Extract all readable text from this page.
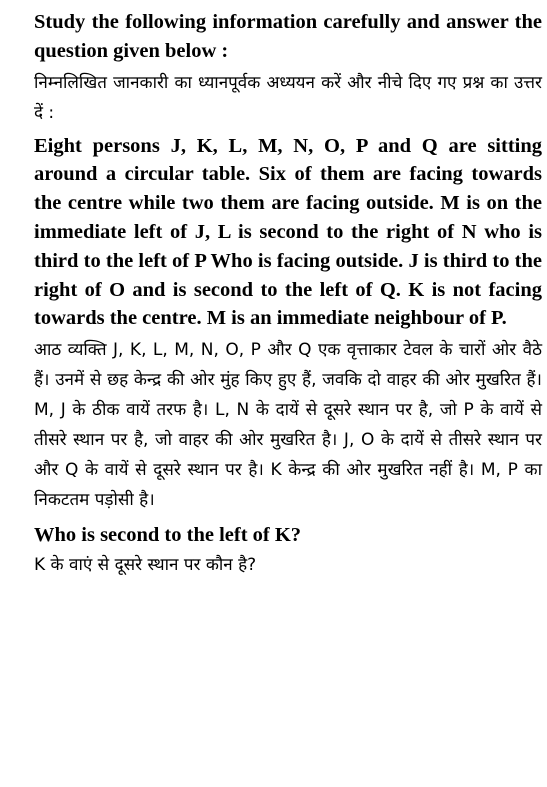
Study the following information carefully and answer the question given below :

निम्नलिखित जानकारी का ध्यानपूर्वक अध्ययन करें और नीचे दिए गए प्रश्न का उत्तर दें :

Eight persons J, K, L, M, N, O, P and Q are sitting around a circular table. Six of them are facing towards the centre while two them are facing outside. M is on the immediate left of J, L is second to the right of N who is third to the left of P Who is facing outside. J is third to the right of O and is second to the left of Q. K is not facing towards the centre. M is an immediate neighbour of P.

आठ व्यक्ति J, K, L, M, N, O, P और Q एक वृत्ताकार टेवल के चारों ओर वैठे हैं। उनमें से छह केन्द्र की ओर मुंह किए हुए हैं, जवकि दो वाहर की ओर मुखरित हैं। M, J के ठीक वायें तरफ है। L, N के दायें से दूसरे स्थान पर है, जो P के वायें से तीसरे स्थान पर है, जो वाहर की ओर मुखरित है। J, O के दायें से तीसरे स्थान पर और Q के वायें से दूसरे स्थान पर है। K केन्द्र की ओर मुखरित नहीं है। M, P का निकटतम पड़ोसी है।

Who is second to the left of K?

K के वाएं से दूसरे स्थान पर कौन है?
